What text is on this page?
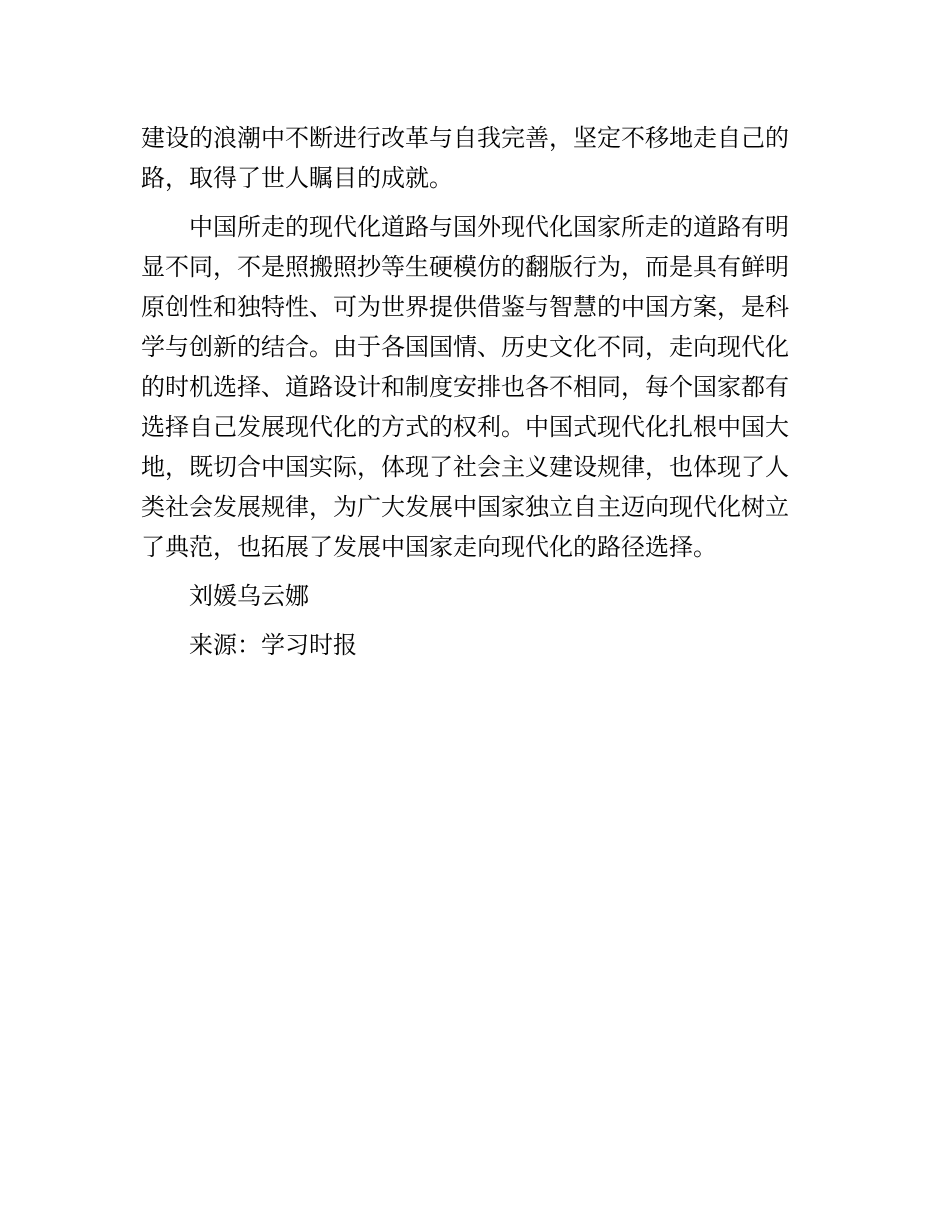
建设的浪潮中不断进行改革与自我完善，坚定不移地走自己的
路，取得了世人瞩目的成就。
中国所走的现代化道路与国外现代化国家所走的道路有明
显不同，不是照搬照抄等生硬模仿的翻版行为，而是具有鲜明
原创性和独特性、可为世界提供借鉴与智慧的中国方案，是科
学与创新的结合。由于各国国情、历史文化不同，走向现代化
的时机选择、道路设计和制度安排也各不相同，每个国家都有
选择自己发展现代化的方式的权利。中国式现代化扎根中国大
地，既切合中国实际，体现了社会主义建设规律，也体现了人
类社会发展规律，为广大发展中国家独立自主迈向现代化树立
了典范，也拓展了发展中国家走向现代化的路径选择。
刘媛乌云娜
来源：学习时报
